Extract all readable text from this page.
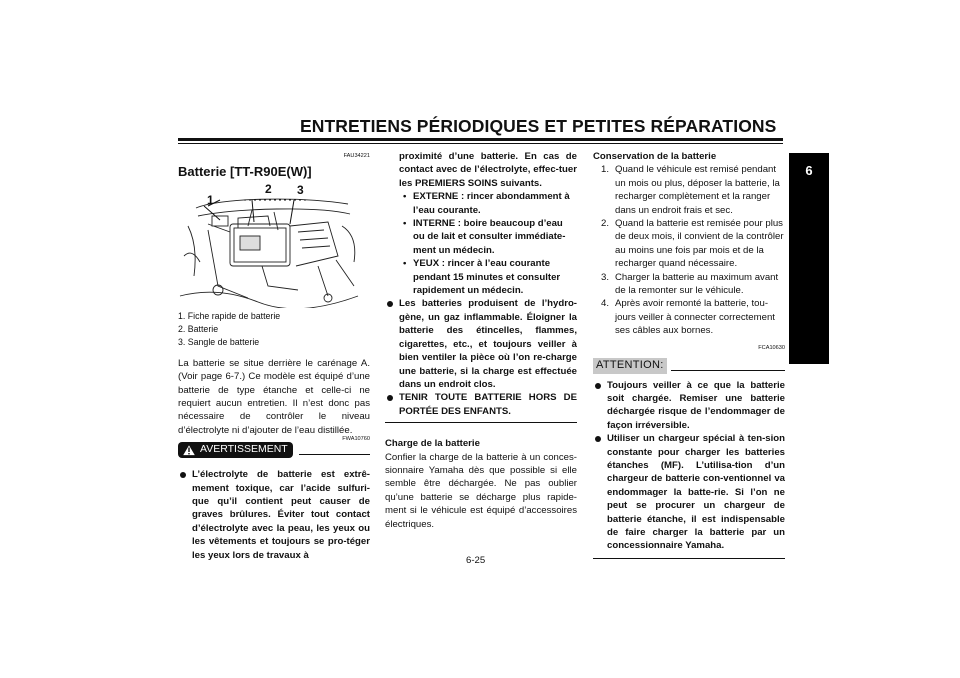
ENTRETIENS PÉRIODIQUES ET PETITES RÉPARATIONS
6
FAU34221
Batterie [TT-R90E(W)]
1
2 3
1. Fiche rapide de batterie
2. Batterie
3. Sangle de batterie
La batterie se situe derrière le carénage A. (Voir page 6-7.) Ce modèle est équipé d’une batterie de type étanche et celle-ci ne requiert aucun entretien. Il n’est donc pas nécessaire de contrôler le niveau d’électrolyte ni d’ajouter de l’eau distillée.
AVERTISSEMENT
FWA10760
L’électrolyte de batterie est extrê-mement toxique, car l’acide sulfuri-que qu’il contient peut causer de graves brûlures. Éviter tout contact d’électrolyte avec la peau, les yeux ou les vêtements et toujours se pro-téger les yeux lors de travaux à
proximité d’une batterie. En cas de contact avec de l’électrolyte, effec-tuer les PREMIERS SOINS suivants.
• EXTERNE : rincer abondamment à l’eau courante.
• INTERNE : boire beaucoup d’eau ou de lait et consulter immédiate-ment un médecin.
• YEUX : rincer à l’eau courante pendant 15 minutes et consulter rapidement un médecin.
Les batteries produisent de l’hydro-gène, un gaz inflammable. Éloigner la batterie des étincelles, flammes, cigarettes, etc., et toujours veiller à bien ventiler la pièce où l’on re-charge une batterie, si la charge est effectuée dans un endroit clos.
TENIR TOUTE BATTERIE HORS DE PORTÉE DES ENFANTS.
Charge de la batterie
Confier la charge de la batterie à un conces-sionnaire Yamaha dès que possible si elle semble être déchargée. Ne pas oublier qu’une batterie se décharge plus rapide-ment si le véhicule est équipé d’accessoires électriques.
Conservation de la batterie
1. Quand le véhicule est remisé pendant un mois ou plus, déposer la batterie, la recharger complètement et la ranger dans un endroit frais et sec.
2. Quand la batterie est remisée pour plus de deux mois, il convient de la contrôler au moins une fois par mois et de la recharger quand nécessaire.
3. Charger la batterie au maximum avant de la remonter sur le véhicule.
4. Après avoir remonté la batterie, tou-jours veiller à connecter correctement ses câbles aux bornes.
FCA10630
ATTENTION:
Toujours veiller à ce que la batterie soit chargée. Remiser une batterie déchargée risque de l’endommager de façon irréversible.
Utiliser un chargeur spécial à ten-sion constante pour charger les batteries étanches (MF). L’utilisa-tion d’un chargeur de batterie con-ventionnel va endommager la batte-rie. Si l’on ne peut se procurer un chargeur de batterie étanche, il est indispensable de faire charger la batterie par un concessionnaire Yamaha.
6-25
